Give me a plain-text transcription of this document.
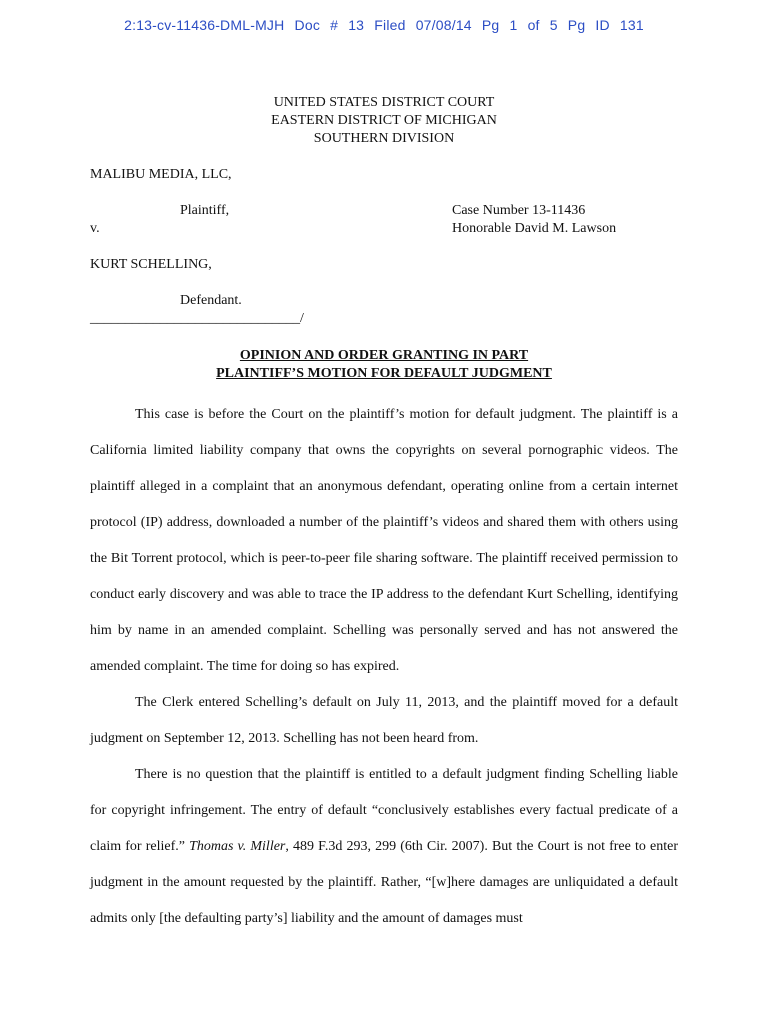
2:13-cv-11436-DML-MJH Doc # 13 Filed 07/08/14 Pg 1 of 5 Pg ID 131
UNITED STATES DISTRICT COURT
EASTERN DISTRICT OF MICHIGAN
SOUTHERN DIVISION
MALIBU MEDIA, LLC,
Plaintiff,
v.
Case Number 13-11436
Honorable David M. Lawson
KURT SCHELLING,
Defendant.
______________________________/
OPINION AND ORDER GRANTING IN PART
PLAINTIFF’S MOTION FOR DEFAULT JUDGMENT

This case is before the Court on the plaintiff’s motion for default judgment. The plaintiff is a California limited liability company that owns the copyrights on several pornographic videos. The plaintiff alleged in a complaint that an anonymous defendant, operating online from a certain internet protocol (IP) address, downloaded a number of the plaintiff’s videos and shared them with others using the Bit Torrent protocol, which is peer-to-peer file sharing software. The plaintiff received permission to conduct early discovery and was able to trace the IP address to the defendant Kurt Schelling, identifying him by name in an amended complaint. Schelling was personally served and has not answered the amended complaint. The time for doing so has expired.

The Clerk entered Schelling’s default on July 11, 2013, and the plaintiff moved for a default judgment on September 12, 2013. Schelling has not been heard from.

There is no question that the plaintiff is entitled to a default judgment finding Schelling liable for copyright infringement. The entry of default “conclusively establishes every factual predicate of a claim for relief.” Thomas v. Miller, 489 F.3d 293, 299 (6th Cir. 2007). But the Court is not free to enter judgment in the amount requested by the plaintiff. Rather, “[w]here damages are unliquidated a default admits only [the defaulting party’s] liability and the amount of damages must
